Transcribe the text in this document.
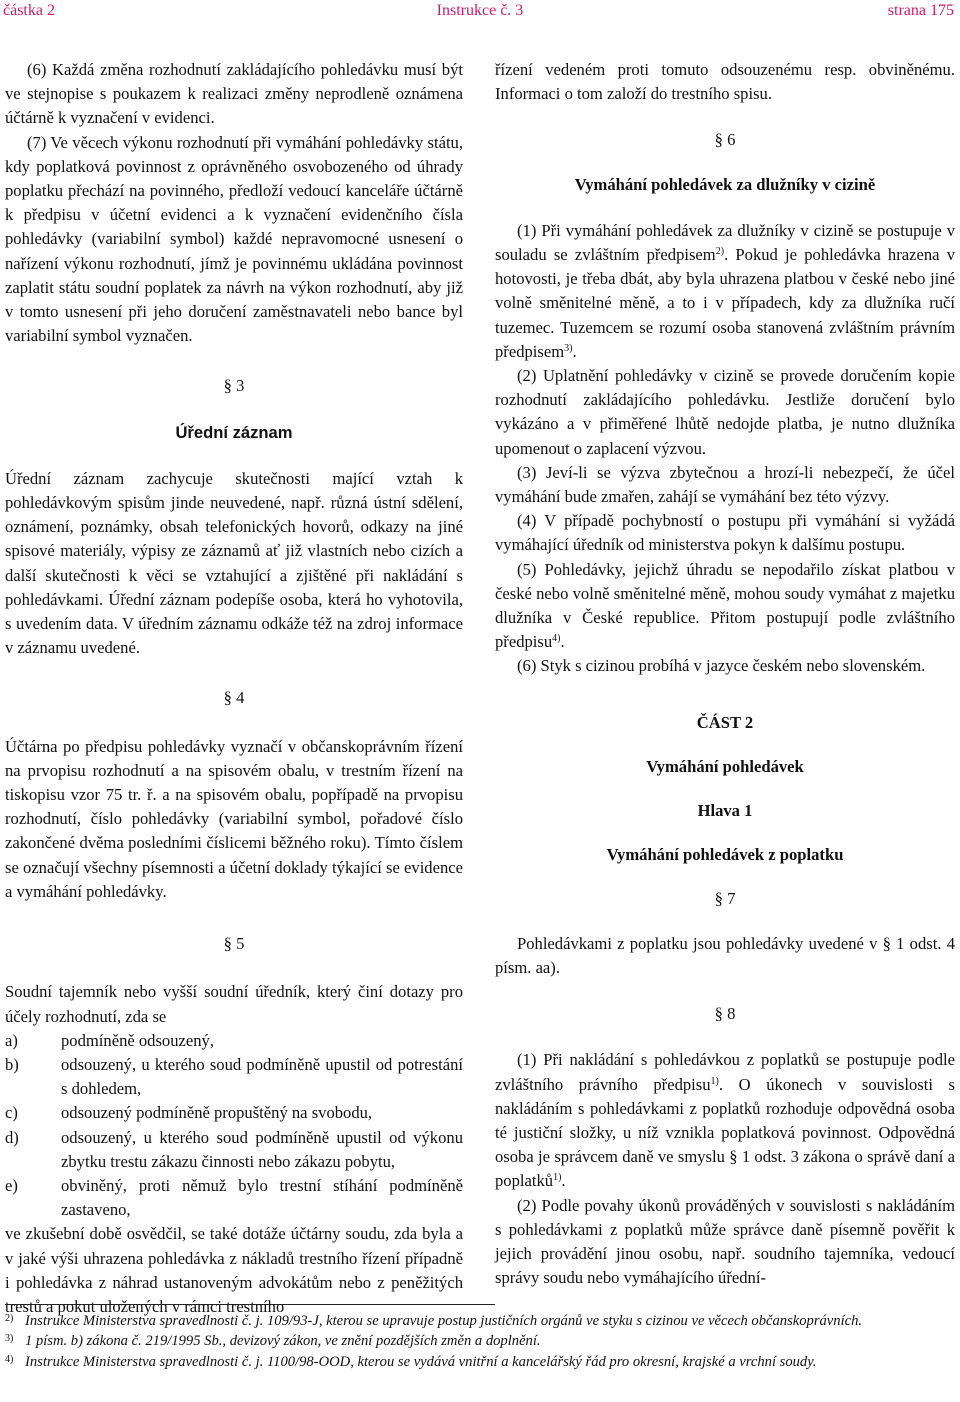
částka 2	Instrukce č. 3	strana 175

(6) Každá změna rozhodnutí zakládajícího pohledávku musí být ve stejnopise s poukazem k realizaci změny neprodleně oznámena účtárně k vyznačení v evidenci.

(7) Ve věcech výkonu rozhodnutí při vymáhání pohledávky státu, kdy poplatková povinnost z oprávněného osvobozeného od úhrady poplatku přechází na povinného, předloží vedoucí kanceláře účtárně k předpisu v účetní evidenci a k vyznačení evidenčního čísla pohledávky (variabilní symbol) každé nepravomocné usnesení o nařízení výkonu rozhodnutí, jímž je povinnému ukládána povinnost zaplatit státu soudní poplatek za návrh na výkon rozhodnutí, aby již v tomto usnesení při jeho doručení zaměstnavateli nebo bance byl variabilní symbol vyznačen.

§ 3

Úřední záznam

Úřední záznam zachycuje skutečnosti mající vztah k pohledávkovým spisům jinde neuvedené, např. různá ústní sdělení, oznámení, poznámky, obsah telefonických hovorů, odkazy na jiné spisové materiály, výpisy ze záznamů ať již vlastních nebo cizích a další skutečnosti k věci se vztahující a zjištěné při nakládání s pohledávkami. Úřední záznam podepíše osoba, která ho vyhotovila, s uvedením data. V úředním záznamu odkáže též na zdroj informace v záznamu uvedené.

§ 4

Účtárna po předpisu pohledávky vyznačí v občanskoprávním řízení na prvopisu rozhodnutí a na spisovém obalu, v trestním řízení na tiskopisu vzor 75 tr. ř. a na spisovém obalu, popřípadě na prvopisu rozhodnutí, číslo pohledávky (variabilní symbol, pořadové číslo zakončené dvěma posledními číslicemi běžného roku). Tímto číslem se označují všechny písemnosti a účetní doklady týkající se evidence a vymáhání pohledávky.

§ 5

Soudní tajemník nebo vyšší soudní úředník, který činí dotazy pro účely rozhodnutí, zda se

a)	podmíněně odsouzený,

b)	odsouzený, u kterého soud podmíněně upustil od potrestání s dohledem,

c)	odsouzený podmíněně propuštěný na svobodu,

d)	odsouzený, u kterého soud podmíněně upustil od výkonu zbytku trestu zákazu činnosti nebo zákazu pobytu,

e)	obviněný, proti němuž bylo trestní stíhání podmíněně zastaveno,

ve zkušební době osvědčil, se také dotáže účtárny soudu, zda byla a v jaké výši uhrazena pohledávka z nákladů trestního řízení případně i pohledávka z náhrad ustanoveným advokátům nebo z peněžitých trestů a pokut uložených v rámci trestního

řízení vedeném proti tomuto odsouzenému resp. obviněnému. Informaci o tom založí do trestního spisu.

§ 6

Vymáhání pohledávek za dlužníky v cizině

(1) Při vymáhání pohledávek za dlužníky v cizině se postupuje v souladu se zvláštním předpisem$^{2)}$. Pokud je pohledávka hrazena v hotovosti, je třeba dbát, aby byla uhrazena platbou v české nebo jiné volně směnitelné měně, a to i v případech, kdy za dlužníka ručí tuzemec. Tuzemcem se rozumí osoba stanovená zvláštním právním předpisem$^{3)}$.

(2) Uplatnění pohledávky v cizině se provede doručením kopie rozhodnutí zakládajícího pohledávku. Jestliže doručení bylo vykázáno a v přiměřené lhůtě nedojde platba, je nutno dlužníka upomenout o zaplacení výzvou.

(3) Jeví-li se výzva zbytečnou a hrozí-li nebezpečí, že účel vymáhání bude zmařen, zahájí se vymáhání bez této výzvy.

(4) V případě pochybností o postupu při vymáhání si vyžádá vymáhající úředník od ministerstva pokyn k dalšímu postupu.

(5) Pohledávky, jejichž úhradu se nepodařilo získat platbou v české nebo volně směnitelné měně, mohou soudy vymáhat z majetku dlužníka v České republice. Přitom postupují podle zvláštního předpisu$^{4)}$.

(6) Styk s cizinou probíhá v jazyce českém nebo slovenském.

ČÁST 2

Vymáhání pohledávek

Hlava 1

Vymáhání pohledávek z poplatku

§ 7

Pohledávkami z poplatku jsou pohledávky uvedené v § 1 odst. 4 písm. aa).

§ 8

(1) Při nakládání s pohledávkou z poplatků se postupuje podle zvláštního právního předpisu$^{1)}$. O úkonech v souvislosti s nakládáním s pohledávkami z poplatků rozhoduje odpovědná osoba té justiční složky, u níž vznikla poplatková povinnost. Odpovědná osoba je správcem daně ve smyslu § 1 odst. 3 zákona o správě daní a poplatků$^{1)}$.

(2) Podle povahy úkonů prováděných v souvislosti s nakládáním s pohledávkami z poplatků může správce daně písemně pověřit k jejich provádění jinou osobu, např. soudního tajemníka, vedoucí správy soudu nebo vymáhajícího úřední-

2) Instrukce Ministerstva spravedlnosti č. j. 109/93-J, kterou se upravuje postup justičních orgánů ve styku s cizinou ve věcech občanskoprávních.
3) 1 písm. b) zákona č. 219/1995 Sb., devizový zákon, ve znění pozdějších změn a doplnění.
4) Instrukce Ministerstva spravedlnosti č. j. 1100/98-OOD, kterou se vydává vnitřní a kancelářský řád pro okresní, krajské a vrchní soudy.
